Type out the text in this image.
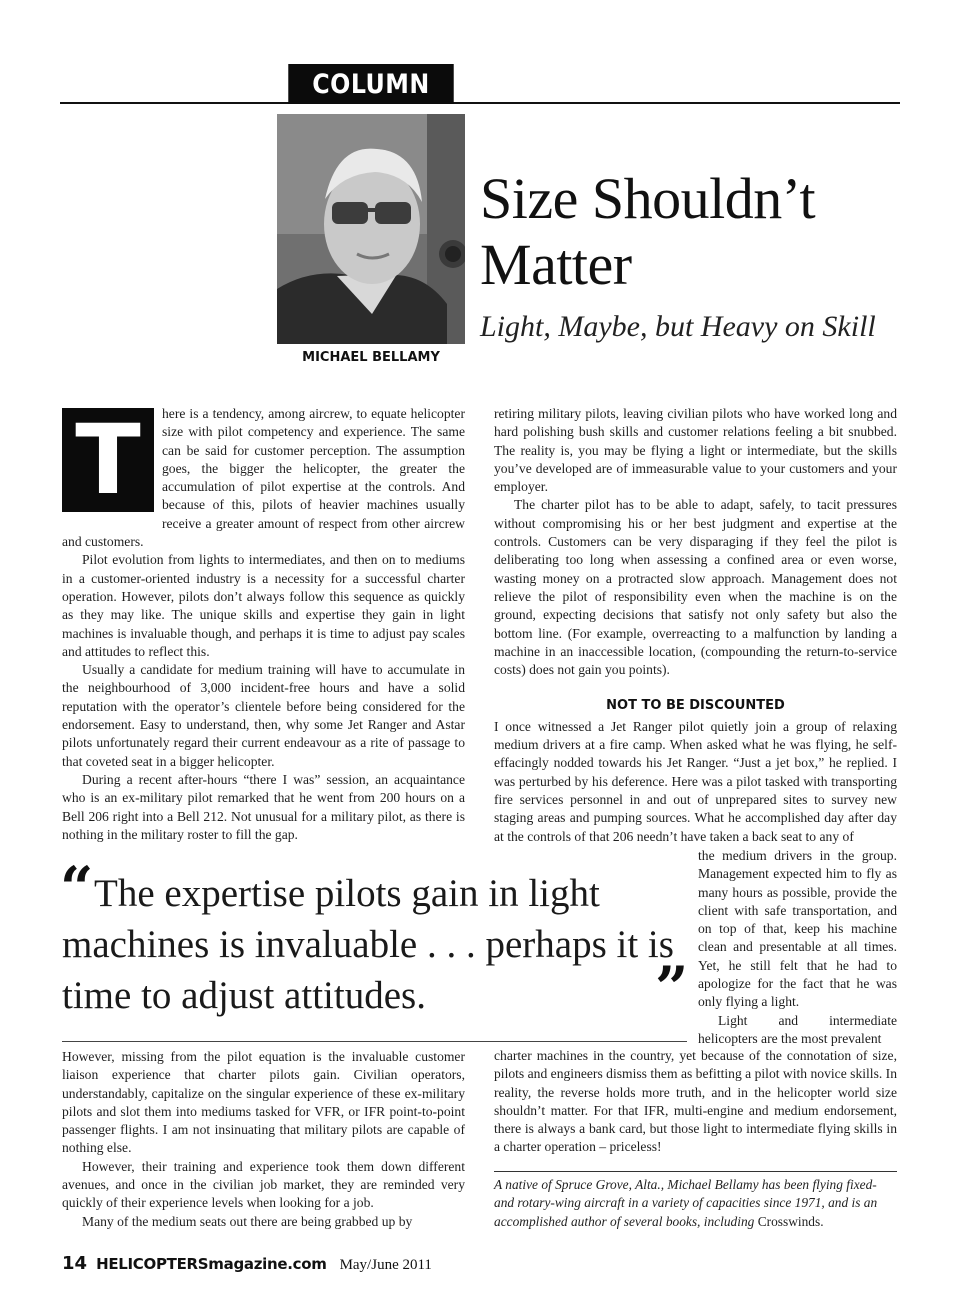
COLUMN
MICHAEL BELLAMY
Size Shouldn’t
Matter
Light, Maybe, but Heavy on Skill
T	here is a tendency, among aircrew, to equate helicopter size with pilot competency and experience. The same can be said for customer perception. The assumption goes, the bigger the helicopter, the greater the accumulation of pilot expertise at the controls. And because of this, pilots of heavier machines usually receive a greater amount of respect from other aircrew and customers.

Pilot evolution from lights to intermediates, and then on to mediums in a customer-oriented industry is a necessity for a successful charter operation. However, pilots don’t always follow this sequence as quickly as they may like. The unique skills and expertise they gain in light machines is invaluable though, and perhaps it is time to adjust pay scales and attitudes to reflect this.

Usually a candidate for medium training will have to accumulate in the neighbourhood of 3,000 incident-free hours and have a solid reputation with the operator’s clientele before being considered for the endorsement. Easy to understand, then, why some Jet Ranger and Astar pilots unfortunately regard their current endeavour as a rite of passage to that coveted seat in a bigger helicopter.

During a recent after-hours “there I was” session, an acquaintance who is an ex-military pilot remarked that he went from 200 hours on a Bell 206 right into a Bell 212. Not unusual for a military pilot, as there is nothing in the military roster to fill the gap.

retiring military pilots, leaving civilian pilots who have worked long and hard polishing bush skills and customer relations feeling a bit snubbed. The reality is, you may be flying a light or intermediate, but the skills you’ve developed are of immeasurable value to your customers and your employer.

The charter pilot has to be able to adapt, safely, to tacit pressures without compromising his or her best judgment and expertise at the controls. Customers can be very disparaging if they feel the pilot is deliberating too long when assessing a confined area or even worse, wasting money on a protracted slow approach. Management does not relieve the pilot of responsibility even when the machine is on the ground, expecting decisions that satisfy not only safety but also the bottom line. (For example, overreacting to a malfunction by landing a machine in an inaccessible location, (compounding the return-to-service costs) does not gain you points).

NOT TO BE DISCOUNTED

I once witnessed a Jet Ranger pilot quietly join a group of relaxing medium drivers at a fire camp. When asked what he was flying, he self-effacingly nodded towards his Jet Ranger. “Just a jet box,” he replied. I was perturbed by his deference. Here was a pilot tasked with transporting fire services personnel in and out of unprepared sites to survey new staging areas and pumping sources. What he accomplished day after day at the controls of that 206 needn’t have taken a back seat to any of

“ The expertise pilots gain in light machines is invaluable . . . perhaps it is time to adjust attitudes.	”

the medium drivers in the group. Management expected him to fly as many hours as possible, provide the client with safe transportation, and on top of that, keep his machine clean and presentable at all times. Yet, he still felt that he had to apologize for the fact that he was only flying a light.

Light and intermediate helicopters are the most prevalent

However, missing from the pilot equation is the invaluable customer liaison experience that charter pilots gain. Civilian operators, understandably, capitalize on the singular experience of these ex-military pilots and slot them into mediums tasked for VFR, or IFR point-to-point passenger flights. I am not insinuating that military pilots are capable of nothing else.

However, their training and experience took them down different avenues, and once in the civilian job market, they are reminded very quickly of their experience levels when looking for a job.

Many of the medium seats out there are being grabbed up by

charter machines in the country, yet because of the connotation of size, pilots and engineers dismiss them as befitting a pilot with novice skills. In reality, the reverse holds more truth, and in the helicopter world size shouldn’t matter. For that IFR, multi-engine and medium endorsement, there is always a bank card, but those light to intermediate flying skills in a charter operation – priceless!

A native of Spruce Grove, Alta., Michael Bellamy has been flying fixed- and rotary-wing aircraft in a variety of capacities since 1971, and is an accomplished author of several books, including Crosswinds.
14 HELICOPTERSmagazine.com May/June 2011
